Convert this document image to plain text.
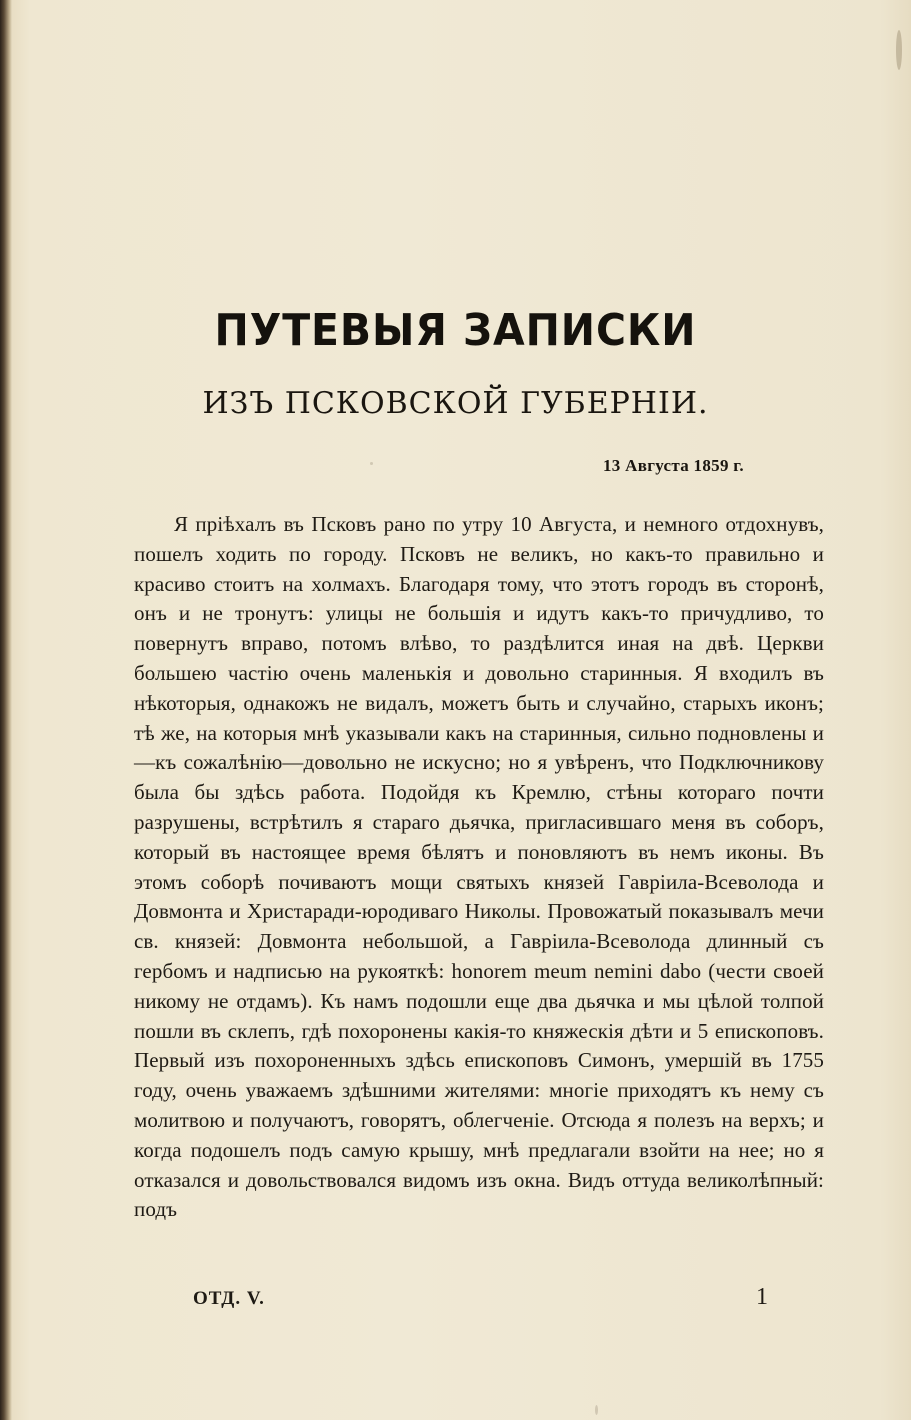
ПУТЕВЫЯ ЗАПИСКИ
ИЗЪ ПСКОВСКОЙ ГУБЕРНІИ.
13 Августа 1859 г.

Я пріѣхалъ въ Псковъ рано по утру 10 Августа, и немного отдохнувъ, пошелъ ходить по городу. Псковъ не великъ, но какъ-то правильно и красиво стоитъ на холмахъ. Благодаря тому, что этотъ городъ въ сторонѣ, онъ и не тронутъ: улицы не большія и идутъ какъ-то причудливо, то повернутъ вправо, потомъ влѣво, то раздѣлится иная на двѣ. Церкви большею частію очень маленькія и довольно старинныя. Я входилъ въ нѣкоторыя, однакожъ не видалъ, можетъ быть и случайно, старыхъ иконъ; тѣ же, на которыя мнѣ указывали какъ на старинныя, сильно подновлены и—къ сожалѣнію—довольно не искусно; но я увѣренъ, что Подключникову была бы здѣсь работа. Подойдя къ Кремлю, стѣны котораго почти разрушены, встрѣтилъ я стараго дьячка, пригласившаго меня въ соборъ, который въ настоящее время бѣлятъ и поновляютъ въ немъ иконы. Въ этомъ соборѣ почиваютъ мощи святыхъ князей Гавріила-Всеволода и Довмонта и Христаради-юродиваго Николы. Провожатый показывалъ мечи св. князей: Довмонта небольшой, а Гавріила-Всеволода длинный съ гербомъ и надписью на рукояткѣ: honorem meum nemini dabo (чести своей никому не отдамъ). Къ намъ подошли еще два дьячка и мы цѣлой толпой пошли въ склепъ, гдѣ похоронены какія-то княжескія дѣти и 5 епископовъ. Первый изъ похороненныхъ здѣсь епископовъ Симонъ, умершій въ 1755 году, очень уважаемъ здѣшними жителями: многіе приходятъ къ нему съ молитвою и получаютъ, говорятъ, облегченіе. Отсюда я полезъ на верхъ; и когда подошелъ подъ самую крышу, мнѣ предлагали взойти на нее; но я отказался и довольствовался видомъ изъ окна. Видъ оттуда великолѣпный: подъ

ОТД. V.	1
